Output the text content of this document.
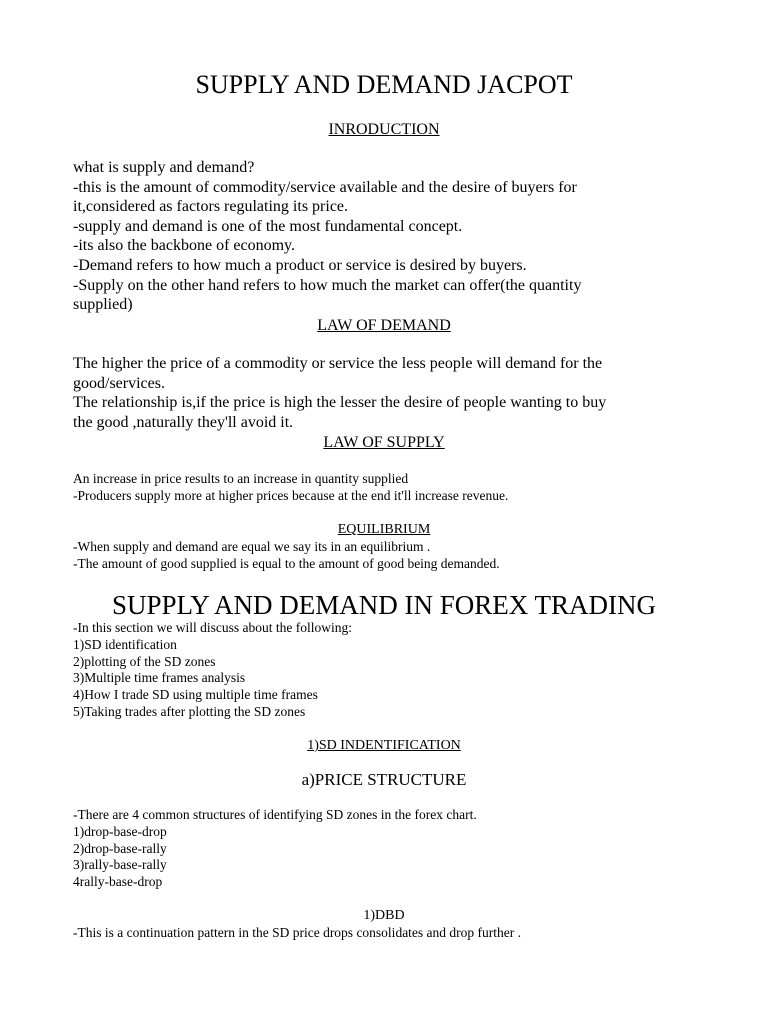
SUPPLY AND DEMAND JACPOT
INRODUCTION
what is supply and demand?
-this is the amount of commodity/service available and the desire of buyers for
it,considered as factors regulating its price.
-supply and demand is one of the most fundamental concept.
-its also the backbone of economy.
-Demand refers to how much a product or service is desired by buyers.
-Supply on the other hand refers to how much the market can offer(the quantity
supplied)
LAW OF DEMAND
The higher the price of a commodity or service the less people will demand for the
good/services.
The relationship is,if the price is high the lesser the desire of people wanting to buy
the good ,naturally they'll avoid it.
LAW OF SUPPLY
An increase in price results to an increase in quantity supplied
-Producers supply more at higher prices because at the end it'll increase revenue.
EQUILIBRIUM
-When supply and demand are equal we say its in an equilibrium .
-The amount of good supplied is equal to the amount of good being demanded.
SUPPLY AND DEMAND IN FOREX TRADING
-In this section we will discuss about the following:
1)SD identification
2)plotting of the SD zones
3)Multiple time frames analysis
4)How I trade SD using multiple time frames
5)Taking trades after plotting the SD zones
1)SD INDENTIFICATION
a)PRICE STRUCTURE
-There are 4 common structures of identifying SD zones in the forex chart.
1)drop-base-drop
2)drop-base-rally
3)rally-base-rally
4rally-base-drop
1)DBD
-This is a continuation pattern in the SD price drops consolidates and drop further .
